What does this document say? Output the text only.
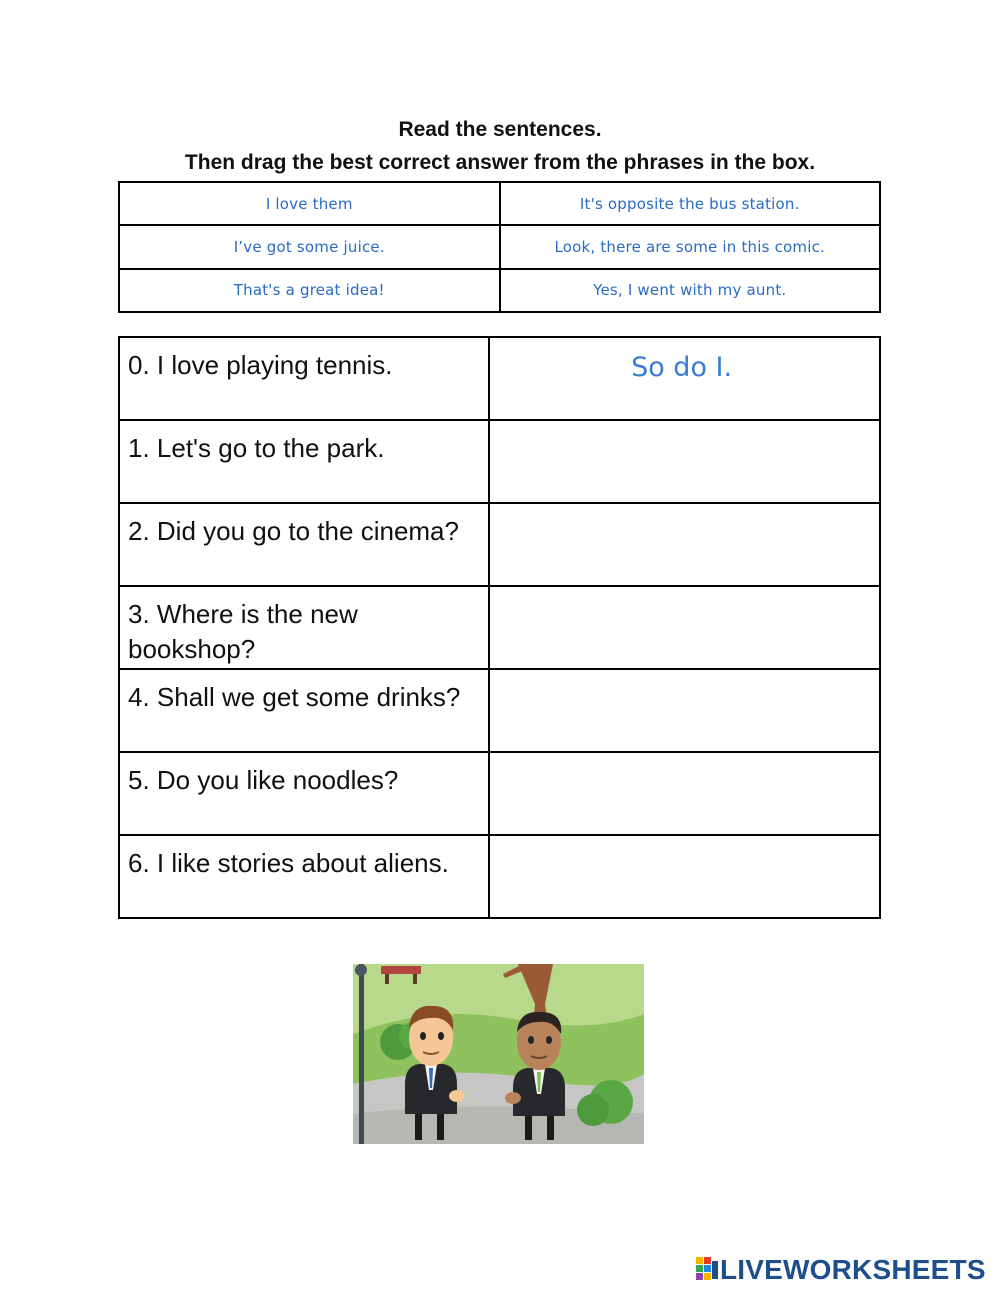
Read the sentences.
Then drag the best correct answer from the phrases in the box.
I love them	It's opposite the bus station.
I’ve got some juice.	Look, there are some in this comic.
That's a great idea!	Yes, I went with my aunt.
0. I love playing tennis.	So do I.

1. Let's go to the park.	

2. Did you go to the cinema?	

3. Where is the new bookshop?	

4. Shall we get some drinks?	

5. Do you like noodles?	

6. I like stories about aliens.	
LIVEWORKSHEETS
